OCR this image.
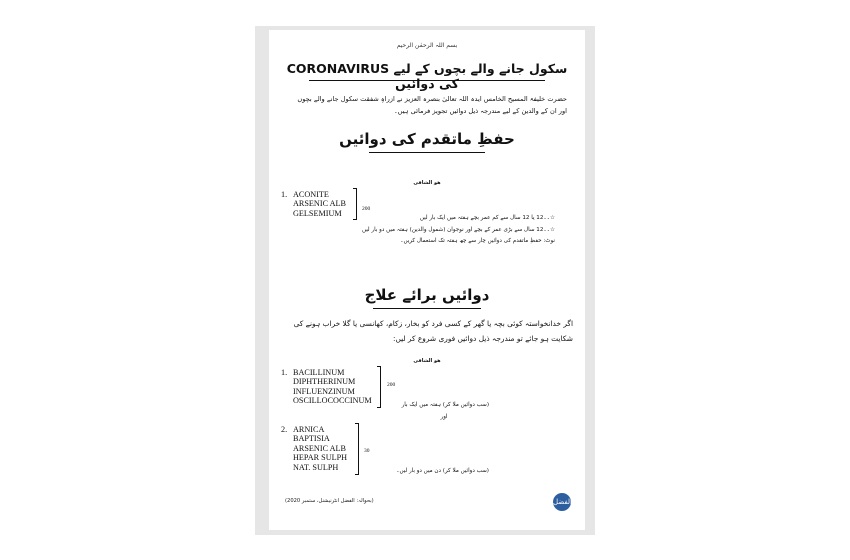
بسم اللہ الرحمٰن الرحیم
سکول جانے والے بچوں کے لیے CORONAVIRUS کی دوائیں
حضرت خلیفۃ المسیح الخامس ایدہ اللہ تعالیٰ بنصرہ العزیز نے ازراہِ شفقت سکول جانے والے بچوں اور ان کے والدین کے لیے مندرجہ ذیل دوائیں تجویز فرمائی ہیں۔
حفظِ ماتقدم کی دوائیں
ھو الشافی
1. ACONITE
ARSENIC ALB
GELSEMIUM	200
☆۔۔12 یا 12 سال سے کم عمر بچے ہفتہ میں ایک بار لیں
☆۔۔12 سال سے بڑی عمر کے بچے اور نوجوان (شمول والدین) ہفتہ میں دو بار لیں
نوٹ: حفظِ ماتقدم کی دوائیں چار سے چھ ہفتہ تک استعمال کریں۔
دوائیں برائے علاج
اگر خدانخواستہ کوئی بچہ یا گھر کے کسی فرد کو بخار، زکام، کھانسی یا گلا خراب ہونے کی شکایت ہو جائے تو مندرجہ ذیل دوائیں فوری شروع کر لیں:
ھو الشافی
1. BACILLINUM
DIPHTHERINUM
INFLUENZINUM
OSCILLOCOCCINUM
200
(سب دوائیں ملا کر) ہفتہ میں ایک بار
اور
2. ARNICA
BAPTISIA
ARSENIC ALB
HEPAR SULPH
NAT. SULPH
30
(سب دوائیں ملا کر) دن میں دو بار لیں۔
(بحوالہ: الفضل انٹرنیشنل، ستمبر 2020)	الفضل
